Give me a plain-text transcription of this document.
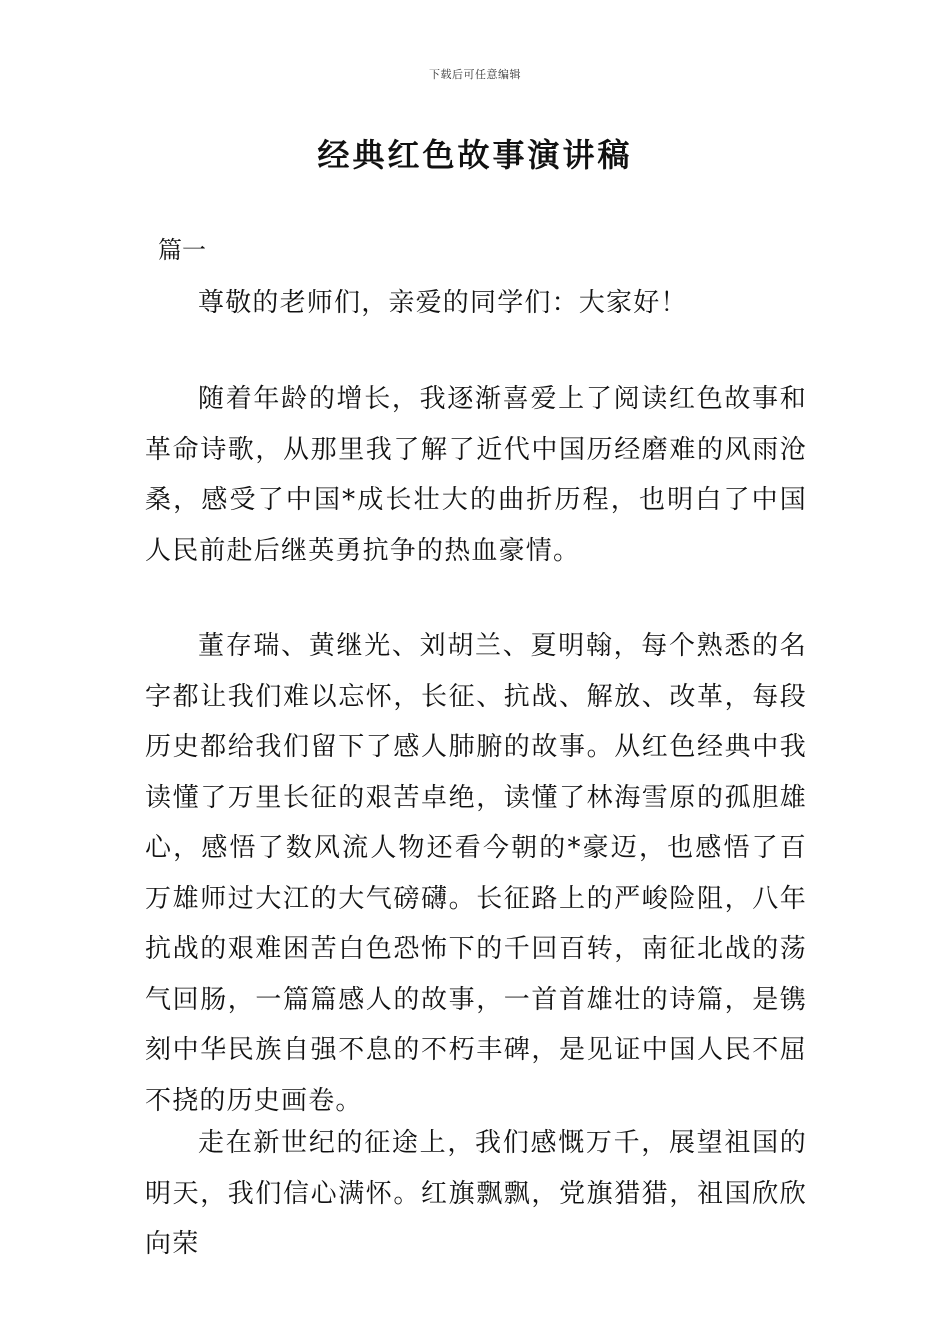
下载后可任意编辑
经典红色故事演讲稿
篇一

尊敬的老师们，亲爱的同学们：大家好！

随着年龄的增长，我逐渐喜爱上了阅读红色故事和革命诗歌，从那里我了解了近代中国历经磨难的风雨沧桑，感受了中国*成长壮大的曲折历程，也明白了中国人民前赴后继英勇抗争的热血豪情。

董存瑞、黄继光、刘胡兰、夏明翰，每个熟悉的名字都让我们难以忘怀，长征、抗战、解放、改革，每段历史都给我们留下了感人肺腑的故事。从红色经典中我读懂了万里长征的艰苦卓绝，读懂了林海雪原的孤胆雄心，感悟了数风流人物还看今朝的*豪迈，也感悟了百万雄师过大江的大气磅礴。长征路上的严峻险阻，八年抗战的艰难困苦白色恐怖下的千回百转，南征北战的荡气回肠，一篇篇感人的故事，一首首雄壮的诗篇，是镌刻中华民族自强不息的不朽丰碑，是见证中国人民不屈不挠的历史画卷。

走在新世纪的征途上，我们感慨万千，展望祖国的明天，我们信心满怀。红旗飘飘，党旗猎猎，祖国欣欣向荣
